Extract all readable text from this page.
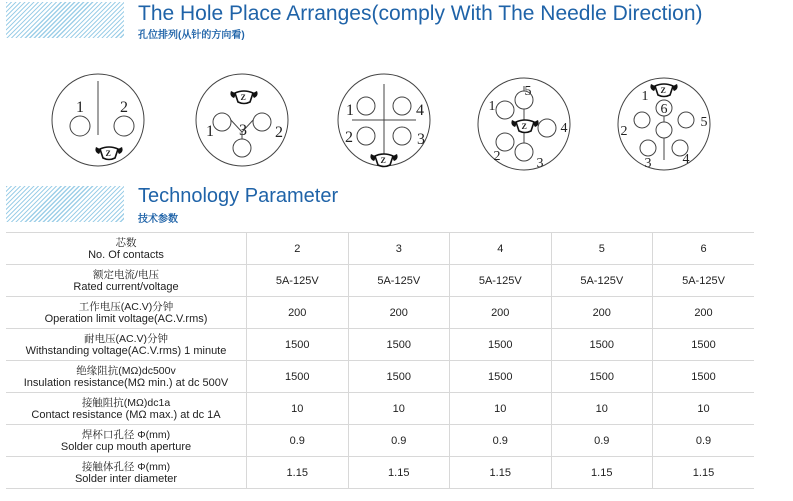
The Hole Place Arranges(comply With The Needle Direction)
孔位排列(从针的方向看)
1 2
1 3 2
1	4
2	3
1
5
4
2	3
1
6
5
2
3 4
Technology Parameter
技术参数
芯数
No. Of contacts	2	3	4	5	6

额定电流/电压
Rated current/voltage	5A-125V	5A-125V	5A-125V	5A-125V	5A-125V

工作电压(AC.V)分钟
Operation limit voltage(AC.V.rms)	200	200	200	200	200

耐电压(AC.V)分钟
Withstanding voltage(AC.V.rms) 1 minute	1500	1500	1500	1500	1500

绝缘阻抗(MΩ)dc500v
Insulation resistance(MΩ min.) at dc 500V	1500	1500	1500	1500	1500

接触阻抗(MΩ)dc1a
Contact resistance (MΩ max.) at dc 1A	10	10	10	10	10

焊杯口孔径 Φ(mm)
Solder cup mouth aperture	0.9	0.9	0.9	0.9	0.9

接触体孔径 Φ(mm)
Solder inter diameter	1.15	1.15	1.15	1.15	1.15
